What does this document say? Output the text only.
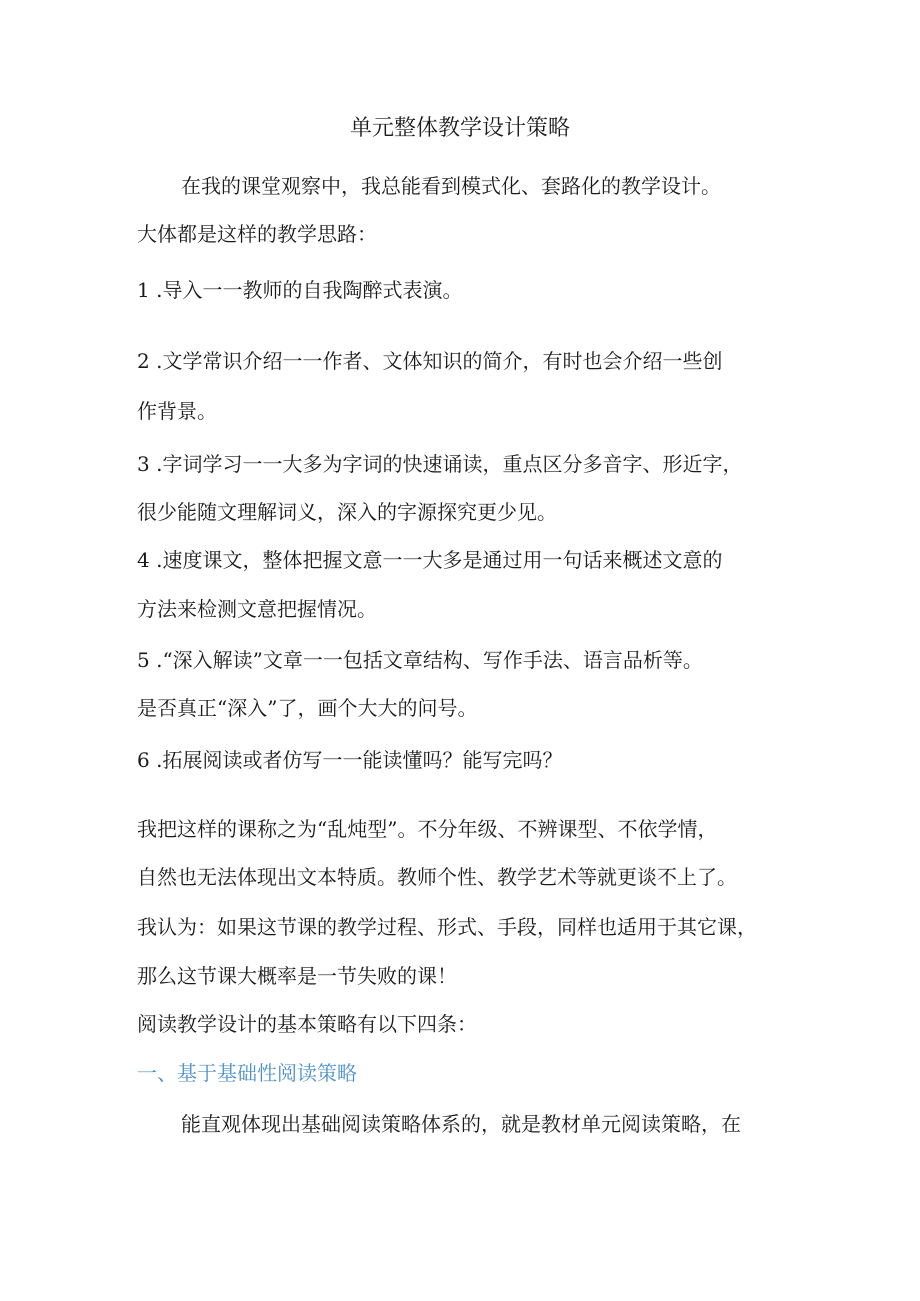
单元整体教学设计策略
在我的课堂观察中，我总能看到模式化、套路化的教学设计。
大体都是这样的教学思路：
1 .导入一一教师的自我陶醉式表演。
2 .文学常识介绍一一作者、文体知识的简介，有时也会介绍一些创
作背景。
3 .字词学习一一大多为字词的快速诵读，重点区分多音字、形近字，
很少能随文理解词义，深入的字源探究更少见。
4 .速度课文，整体把握文意一一大多是通过用一句话来概述文意的
方法来检测文意把握情况。
5 .“深入解读”文章一一包括文章结构、写作手法、语言品析等。
是否真正“深入”了，画个大大的问号。
6 .拓展阅读或者仿写一一能读懂吗？能写完吗？
我把这样的课称之为“乱炖型”。不分年级、不辨课型、不依学情，
自然也无法体现出文本特质。教师个性、教学艺术等就更谈不上了。
我认为：如果这节课的教学过程、形式、手段，同样也适用于其它课，
那么这节课大概率是一节失败的课！
阅读教学设计的基本策略有以下四条：
一、基于基础性阅读策略
能直观体现出基础阅读策略体系的，就是教材单元阅读策略，在
